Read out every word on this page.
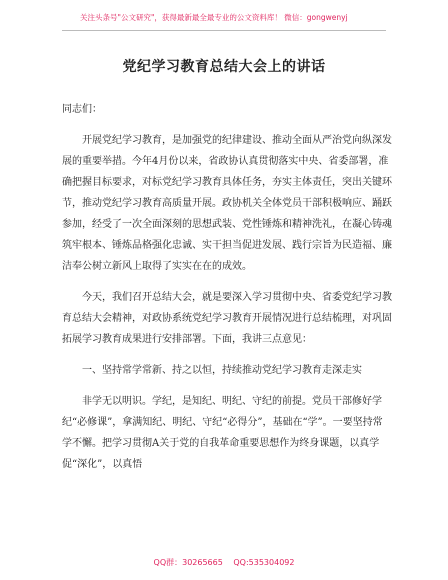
关注头条号"公文研究"，获得最新最全最专业的公文资料库！ 微信：gongwenyj
党纪学习教育总结大会上的讲话

同志们：

开展党纪学习教育，是加强党的纪律建设、推动全面从严治党向纵深发展的重要举措。今年4月份以来，省政协认真贯彻落实中央、省委部署，准确把握目标要求，对标党纪学习教育具体任务，夯实主体责任，突出关键环节，推动党纪学习教育高质量开展。政协机关全体党员干部积极响应、踊跃参加，经受了一次全面深刻的思想武装、党性锤炼和精神洗礼，在凝心铸魂筑牢根本、锤炼品格强化忠诚、实干担当促进发展、践行宗旨为民造福、廉洁奉公树立新风上取得了实实在在的成效。

今天，我们召开总结大会，就是要深入学习贯彻中央、省委党纪学习教育总结大会精神，对政协系统党纪学习教育开展情况进行总结梳理，对巩固拓展学习教育成果进行安排部署。下面，我讲三点意见：

一、坚持常学常新、持之以恒，持续推动党纪学习教育走深走实

非学无以明识。学纪，是知纪、明纪、守纪的前提。党员干部修好学纪“必修课”，拿满知纪、明纪、守纪“必得分”，基础在“学”。一要坚持常学不懈。把学习贯彻A关于党的自我革命重要思想作为终身课题，以真学促“深化”，以真悟

QQ群：30265665 QQ:535304092
